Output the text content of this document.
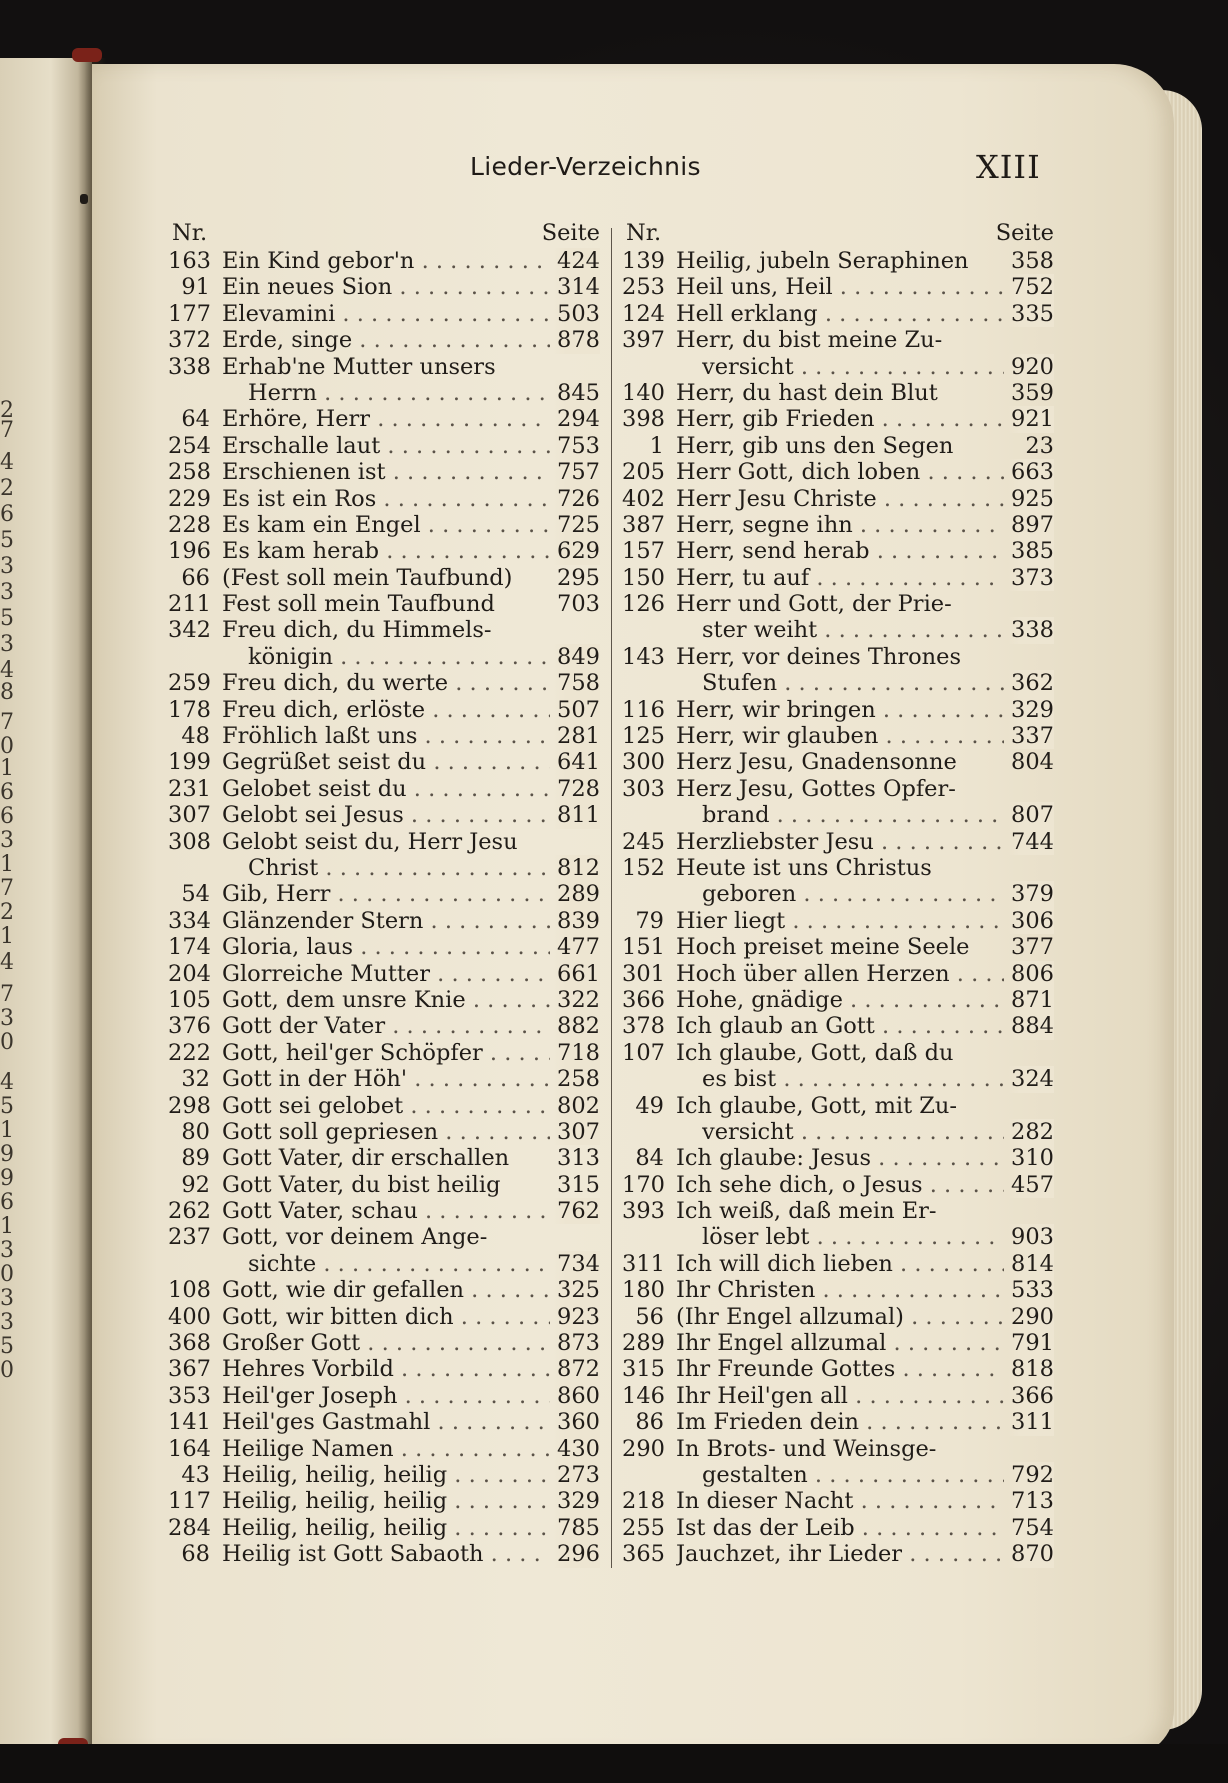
2
7
4
2
6
5
3
3
5
3
4
8
7
0
1
6
6
3
1
7
2
1
4
7
3
0
4
5
1
9
9
6
1
3
0
3
3
5
0
Lieder-Verzeichnis	XIII
Nr.	Seite
163 Ein Kind gebor'n . . .	424
91 Ein neues Sion . . .	314
177 Elevamini . . .	503
372 Erde, singe . . .	878
338 Erhab'ne Mutter unsers
Herrn . . .	845
64 Erhöre, Herr . . .	294
254 Erschalle laut . . .	753
258 Erschienen ist . . .	757
229 Es ist ein Ros . . .	726
228 Es kam ein Engel . . .	725
196 Es kam herab . . .	629
66 (Fest soll mein Taufbund)	295
211 Fest soll mein Taufbund	703
342 Freu dich, du Himmels-
königin . . .	849
259 Freu dich, du werte . . .	758
178 Freu dich, erlöste . . .	507
48 Fröhlich laßt uns . . .	281
199 Gegrüßet seist du . . .	641
231 Gelobet seist du . . .	728
307 Gelobt sei Jesus . . .	811
308 Gelobt seist du, Herr Jesu
Christ . . .	812
54 Gib, Herr . . .	289
334 Glänzender Stern . . .	839
174 Gloria, laus . . .	477
204 Glorreiche Mutter . . .	661
105 Gott, dem unsre Knie . . .	322
376 Gott der Vater . . .	882
222 Gott, heil'ger Schöpfer . . .	718
32 Gott in der Höh' . . .	258
298 Gott sei gelobet . . .	802
80 Gott soll gepriesen . . .	307
89 Gott Vater, dir erschallen	313
92 Gott Vater, du bist heilig	315
262 Gott Vater, schau . . .	762
237 Gott, vor deinem Ange-
sichte . . .	734
108 Gott, wie dir gefallen . . .	325
400 Gott, wir bitten dich . . .	923
368 Großer Gott . . .	873
367 Hehres Vorbild . . .	872
353 Heil'ger Joseph . . .	860
141 Heil'ges Gastmahl . . .	360
164 Heilige Namen . . .	430
43 Heilig, heilig, heilig . . .	273
117 Heilig, heilig, heilig . . .	329
284 Heilig, heilig, heilig . . .	785
68 Heilig ist Gott Sabaoth . . .	296
Nr.	Seite
139 Heilig, jubeln Seraphinen	358
253 Heil uns, Heil . . .	752
124 Hell erklang . . .	335
397 Herr, du bist meine Zu-
versicht . . .	920
140 Herr, du hast dein Blut	359
398 Herr, gib Frieden . . .	921
1 Herr, gib uns den Segen	23
205 Herr Gott, dich loben . . .	663
402 Herr Jesu Christe . . .	925
387 Herr, segne ihn . . .	897
157 Herr, send herab . . .	385
150 Herr, tu auf . . .	373
126 Herr und Gott, der Prie-
ster weiht . . .	338
143 Herr, vor deines Thrones
Stufen . . .	362
116 Herr, wir bringen . . .	329
125 Herr, wir glauben . . .	337
300 Herz Jesu, Gnadensonne	804
303 Herz Jesu, Gottes Opfer-
brand . . .	807
245 Herzliebster Jesu . . .	744
152 Heute ist uns Christus
geboren . . .	379
79 Hier liegt . . .	306
151 Hoch preiset meine Seele	377
301 Hoch über allen Herzen . . .	806
366 Hohe, gnädige . . .	871
378 Ich glaub an Gott . . .	884
107 Ich glaube, Gott, daß du
es bist . . .	324
49 Ich glaube, Gott, mit Zu-
versicht . . .	282
84 Ich glaube: Jesus . . .	310
170 Ich sehe dich, o Jesus . . .	457
393 Ich weiß, daß mein Er-
löser lebt . . .	903
311 Ich will dich lieben . . .	814
180 Ihr Christen . . .	533
56 (Ihr Engel allzumal) . . .	290
289 Ihr Engel allzumal . . .	791
315 Ihr Freunde Gottes . . .	818
146 Ihr Heil'gen all . . .	366
86 Im Frieden dein . . .	311
290 In Brots- und Weinsge-
gestalten . . .	792
218 In dieser Nacht . . .	713
255 Ist das der Leib . . .	754
365 Jauchzet, ihr Lieder . . .	870
